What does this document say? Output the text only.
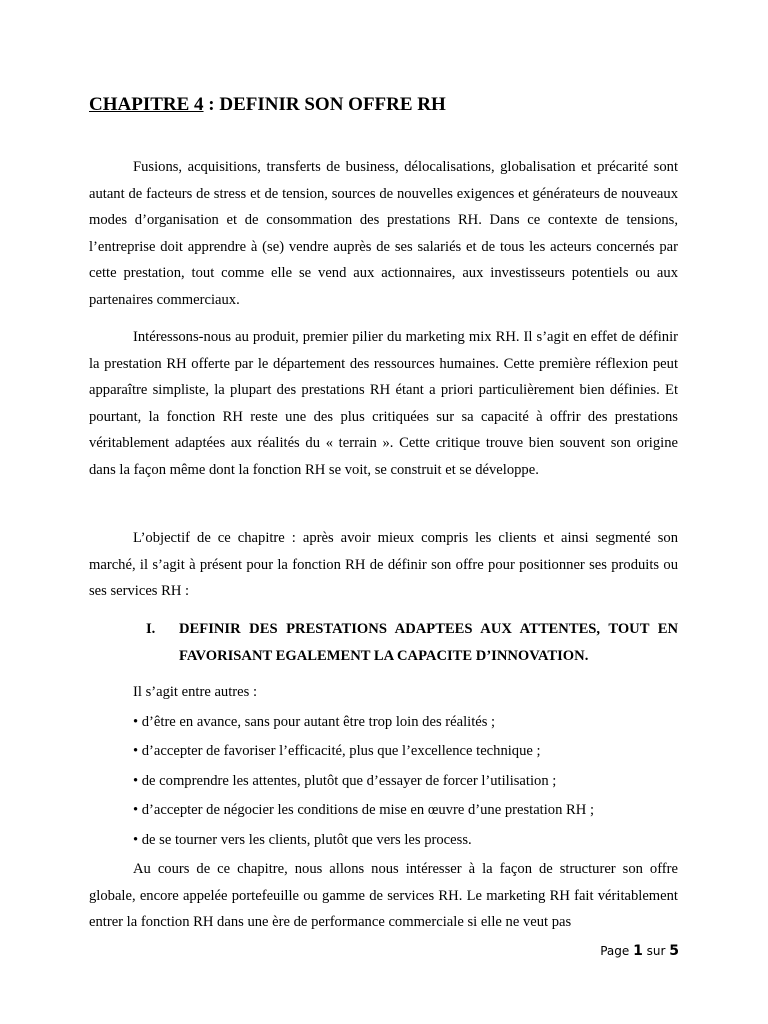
CHAPITRE 4 : DEFINIR SON OFFRE RH

Fusions, acquisitions, transferts de business, délocalisations, globalisation et précarité sont autant de facteurs de stress et de tension, sources de nouvelles exigences et générateurs de nouveaux modes d’organisation et de consommation des prestations RH. Dans ce contexte de tensions, l’entreprise doit apprendre à (se) vendre auprès de ses salariés et de tous les acteurs concernés par cette prestation, tout comme elle se vend aux actionnaires, aux investisseurs potentiels ou aux partenaires commerciaux.

Intéressons-nous au produit, premier pilier du marketing mix RH. Il s’agit en effet de définir la prestation RH offerte par le département des ressources humaines. Cette première réflexion peut apparaître simpliste, la plupart des prestations RH étant a priori particulièrement bien définies. Et pourtant, la fonction RH reste une des plus critiquées sur sa capacité à offrir des prestations véritablement adaptées aux réalités du « terrain ». Cette critique trouve bien souvent son origine dans la façon même dont la fonction RH se voit, se construit et se développe.

L’objectif de ce chapitre : après avoir mieux compris les clients et ainsi segmenté son marché, il s’agit à présent pour la fonction RH de définir son offre pour positionner ses produits ou ses services RH :

I. DEFINIR DES PRESTATIONS ADAPTEES AUX ATTENTES, TOUT EN FAVORISANT EGALEMENT LA CAPACITE D’INNOVATION.

Il s’agit entre autres :

• d’être en avance, sans pour autant être trop loin des réalités ;

• d’accepter de favoriser l’efficacité, plus que l’excellence technique ;

• de comprendre les attentes, plutôt que d’essayer de forcer l’utilisation ;

• d’accepter de négocier les conditions de mise en œuvre d’une prestation RH ;

• de se tourner vers les clients, plutôt que vers les process.

Au cours de ce chapitre, nous allons nous intéresser à la façon de structurer son offre globale, encore appelée portefeuille ou gamme de services RH. Le marketing RH fait véritablement entrer la fonction RH dans une ère de performance commerciale si elle ne veut pas

Page 1 sur 5
